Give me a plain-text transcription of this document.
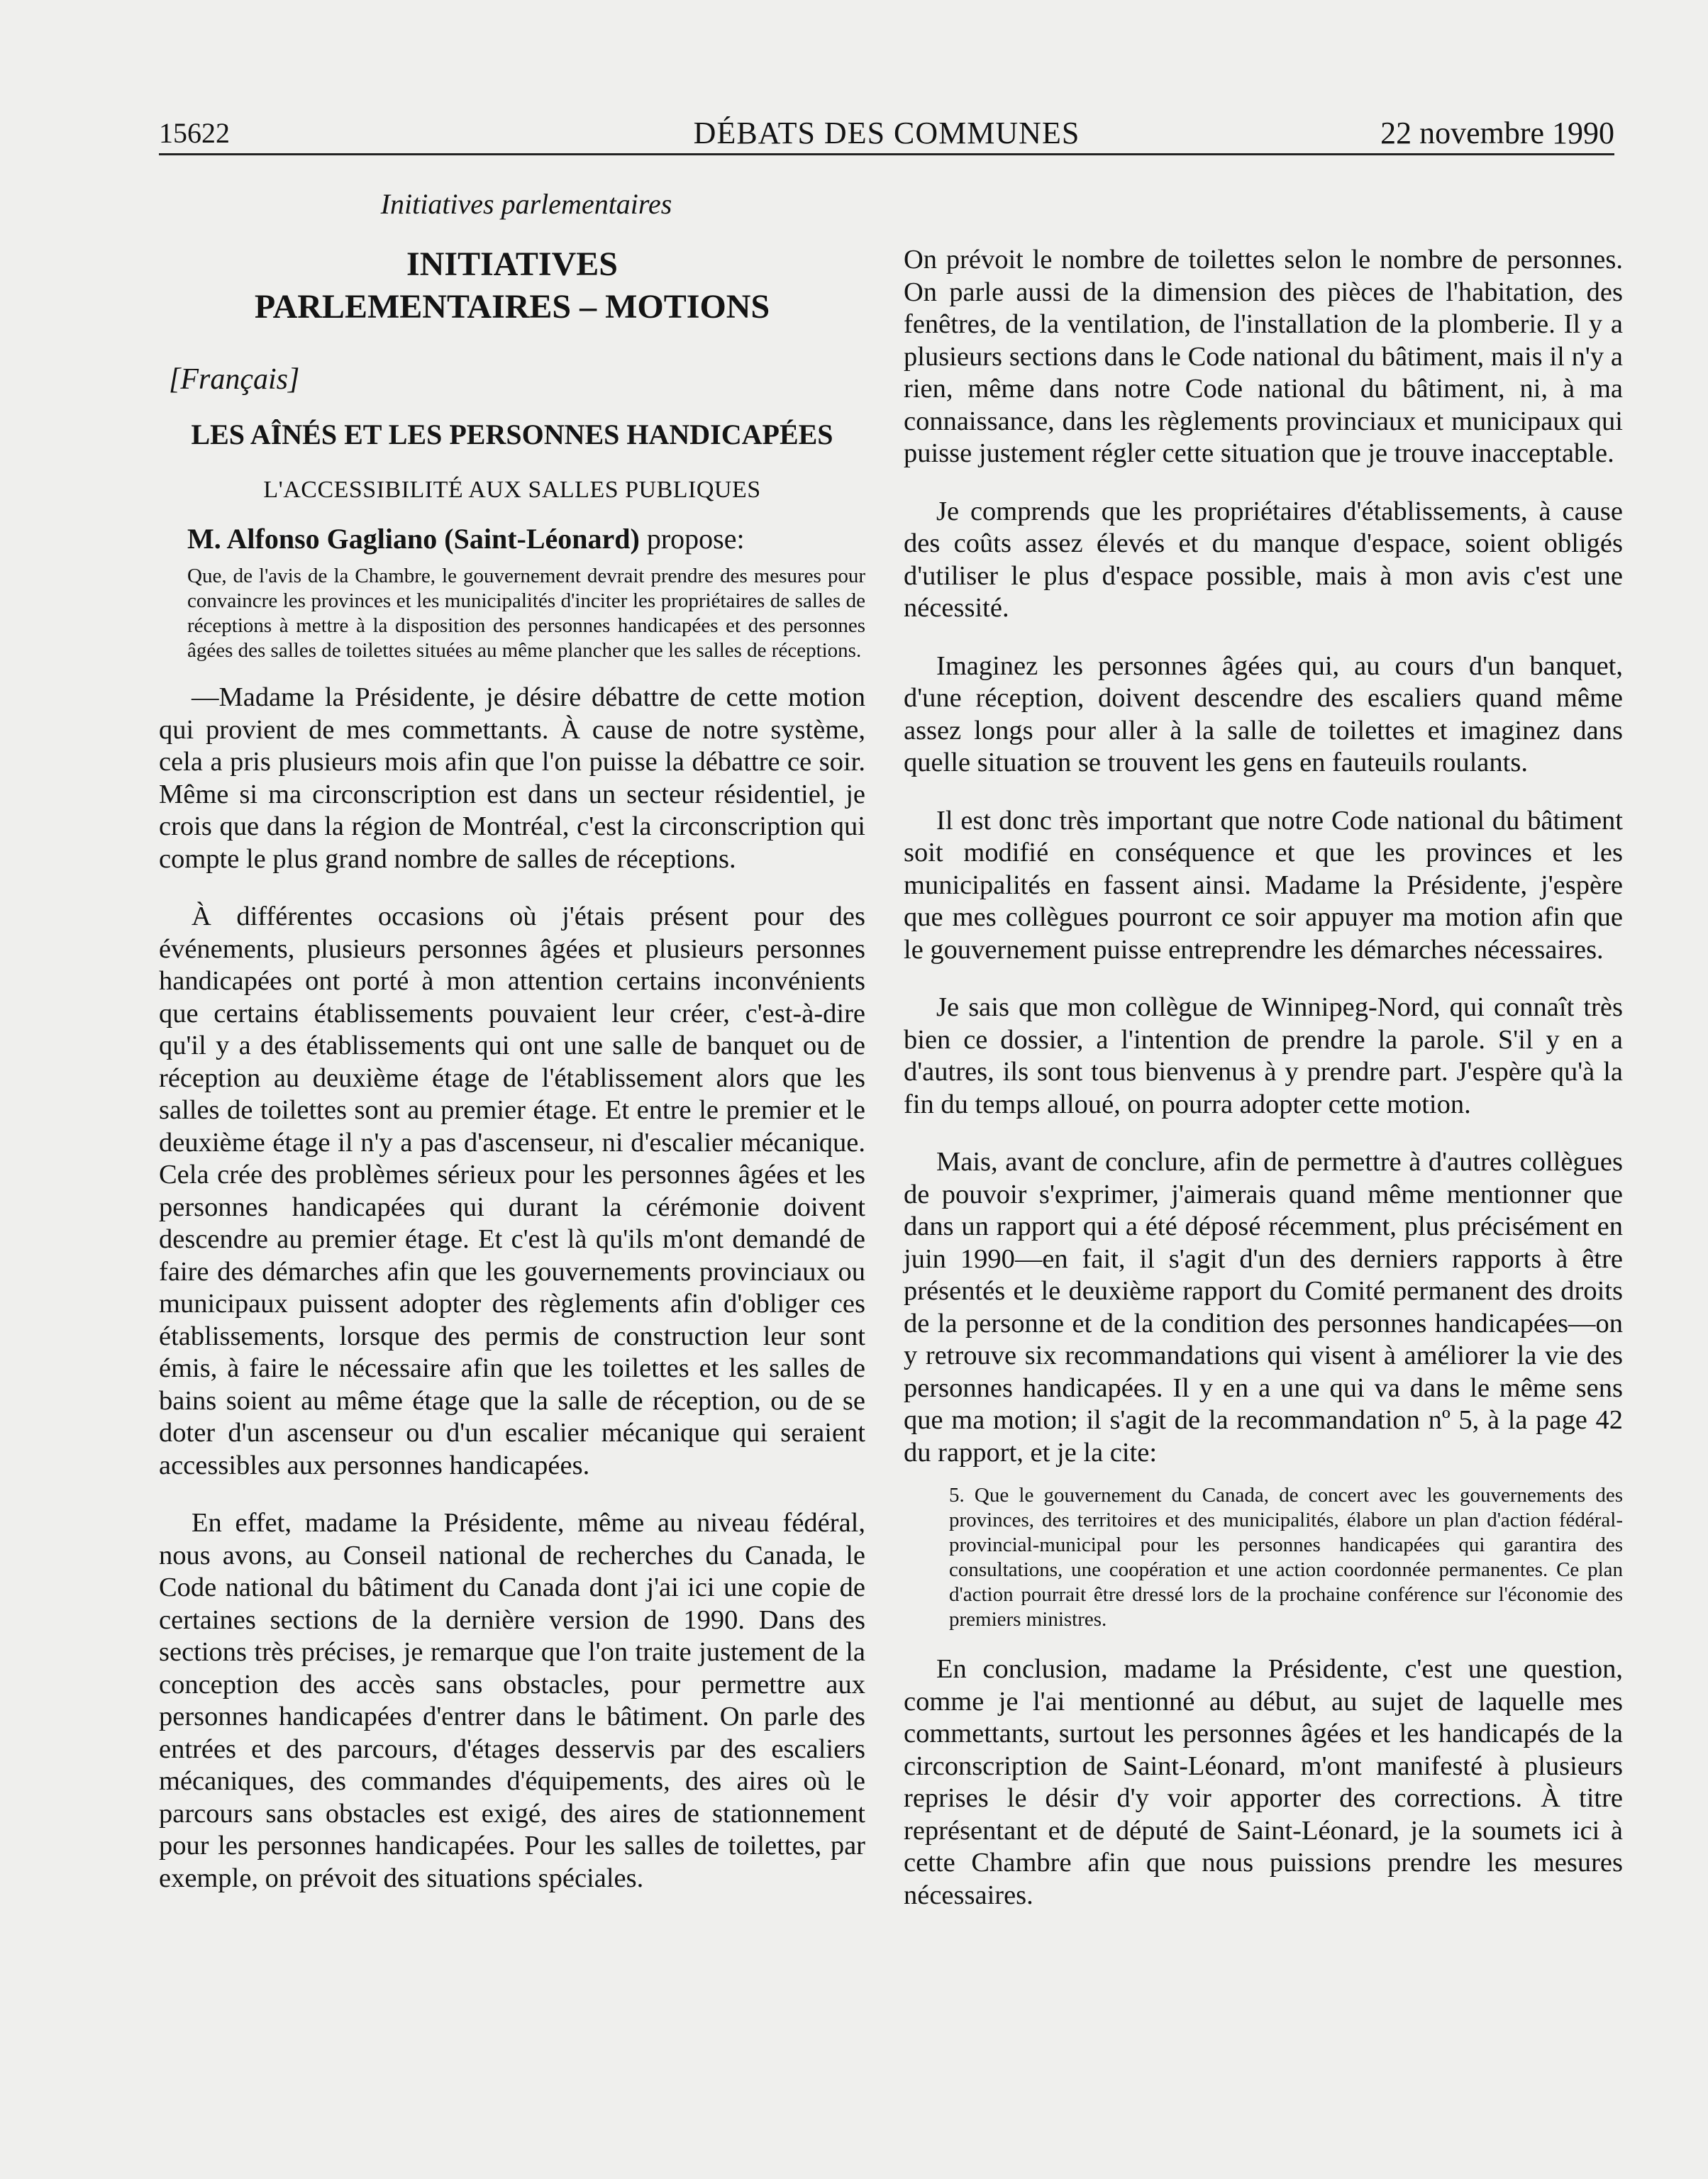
15622	DÉBATS DES COMMUNES	22 novembre 1990
Initiatives parlementaires
INITIATIVES
PARLEMENTAIRES – MOTIONS
[Français]
LES AÎNÉS ET LES PERSONNES HANDICAPÉES
L'ACCESSIBILITÉ AUX SALLES PUBLIQUES
M. Alfonso Gagliano (Saint-Léonard) propose:
Que, de l'avis de la Chambre, le gouvernement devrait prendre des mesures pour convaincre les provinces et les municipalités d'inciter les propriétaires de salles de réceptions à mettre à la disposition des personnes handicapées et des personnes âgées des salles de toilettes situées au même plancher que les salles de réceptions.

—Madame la Présidente, je désire débattre de cette motion qui provient de mes commettants. À cause de notre système, cela a pris plusieurs mois afin que l'on puisse la débattre ce soir. Même si ma circonscription est dans un secteur résidentiel, je crois que dans la région de Montréal, c'est la circonscription qui compte le plus grand nombre de salles de réceptions.

À différentes occasions où j'étais présent pour des événements, plusieurs personnes âgées et plusieurs personnes handicapées ont porté à mon attention certains inconvénients que certains établissements pouvaient leur créer, c'est-à-dire qu'il y a des établissements qui ont une salle de banquet ou de réception au deuxième étage de l'établissement alors que les salles de toilettes sont au premier étage. Et entre le premier et le deuxième étage il n'y a pas d'ascenseur, ni d'escalier mécanique. Cela crée des problèmes sérieux pour les personnes âgées et les personnes handicapées qui durant la cérémonie doivent descendre au premier étage. Et c'est là qu'ils m'ont demandé de faire des démarches afin que les gouvernements provinciaux ou municipaux puissent adopter des règlements afin d'obliger ces établissements, lorsque des permis de construction leur sont émis, à faire le nécessaire afin que les toilettes et les salles de bains soient au même étage que la salle de réception, ou de se doter d'un ascenseur ou d'un escalier mécanique qui seraient accessibles aux personnes handicapées.

En effet, madame la Présidente, même au niveau fédéral, nous avons, au Conseil national de recherches du Canada, le Code national du bâtiment du Canada dont j'ai ici une copie de certaines sections de la dernière version de 1990. Dans des sections très précises, je remarque que l'on traite justement de la conception des accès sans obstacles, pour permettre aux personnes handicapées d'entrer dans le bâtiment. On parle des entrées et des parcours, d'étages desservis par des escaliers mécaniques, des commandes d'équipements, des aires où le parcours sans obstacles est exigé, des aires de stationnement pour les personnes handicapées. Pour les salles de toilettes, par exemple, on prévoit des situations spéciales.

On prévoit le nombre de toilettes selon le nombre de personnes. On parle aussi de la dimension des pièces de l'habitation, des fenêtres, de la ventilation, de l'installation de la plomberie. Il y a plusieurs sections dans le Code national du bâtiment, mais il n'y a rien, même dans notre Code national du bâtiment, ni, à ma connaissance, dans les règlements provinciaux et municipaux qui puisse justement régler cette situation que je trouve inacceptable.

Je comprends que les propriétaires d'établissements, à cause des coûts assez élevés et du manque d'espace, soient obligés d'utiliser le plus d'espace possible, mais à mon avis c'est une nécessité.

Imaginez les personnes âgées qui, au cours d'un banquet, d'une réception, doivent descendre des escaliers quand même assez longs pour aller à la salle de toilettes et imaginez dans quelle situation se trouvent les gens en fauteuils roulants.

Il est donc très important que notre Code national du bâtiment soit modifié en conséquence et que les provinces et les municipalités en fassent ainsi. Madame la Présidente, j'espère que mes collègues pourront ce soir appuyer ma motion afin que le gouvernement puisse entreprendre les démarches nécessaires.

Je sais que mon collègue de Winnipeg-Nord, qui connaît très bien ce dossier, a l'intention de prendre la parole. S'il y en a d'autres, ils sont tous bienvenus à y prendre part. J'espère qu'à la fin du temps alloué, on pourra adopter cette motion.

Mais, avant de conclure, afin de permettre à d'autres collègues de pouvoir s'exprimer, j'aimerais quand même mentionner que dans un rapport qui a été déposé récemment, plus précisément en juin 1990—en fait, il s'agit d'un des derniers rapports à être présentés et le deuxième rapport du Comité permanent des droits de la personne et de la condition des personnes handicapées—on y retrouve six recommandations qui visent à améliorer la vie des personnes handicapées. Il y en a une qui va dans le même sens que ma motion; il s'agit de la recommandation nº 5, à la page 42 du rapport, et je la cite:

5. Que le gouvernement du Canada, de concert avec les gouvernements des provinces, des territoires et des municipalités, élabore un plan d'action fédéral-provincial-municipal pour les personnes handicapées qui garantira des consultations, une coopération et une action coordonnée permanentes. Ce plan d'action pourrait être dressé lors de la prochaine conférence sur l'économie des premiers ministres.

En conclusion, madame la Présidente, c'est une question, comme je l'ai mentionné au début, au sujet de laquelle mes commettants, surtout les personnes âgées et les handicapés de la circonscription de Saint-Léonard, m'ont manifesté à plusieurs reprises le désir d'y voir apporter des corrections. À titre représentant et de député de Saint-Léonard, je la soumets ici à cette Chambre afin que nous puissions prendre les mesures nécessaires.
